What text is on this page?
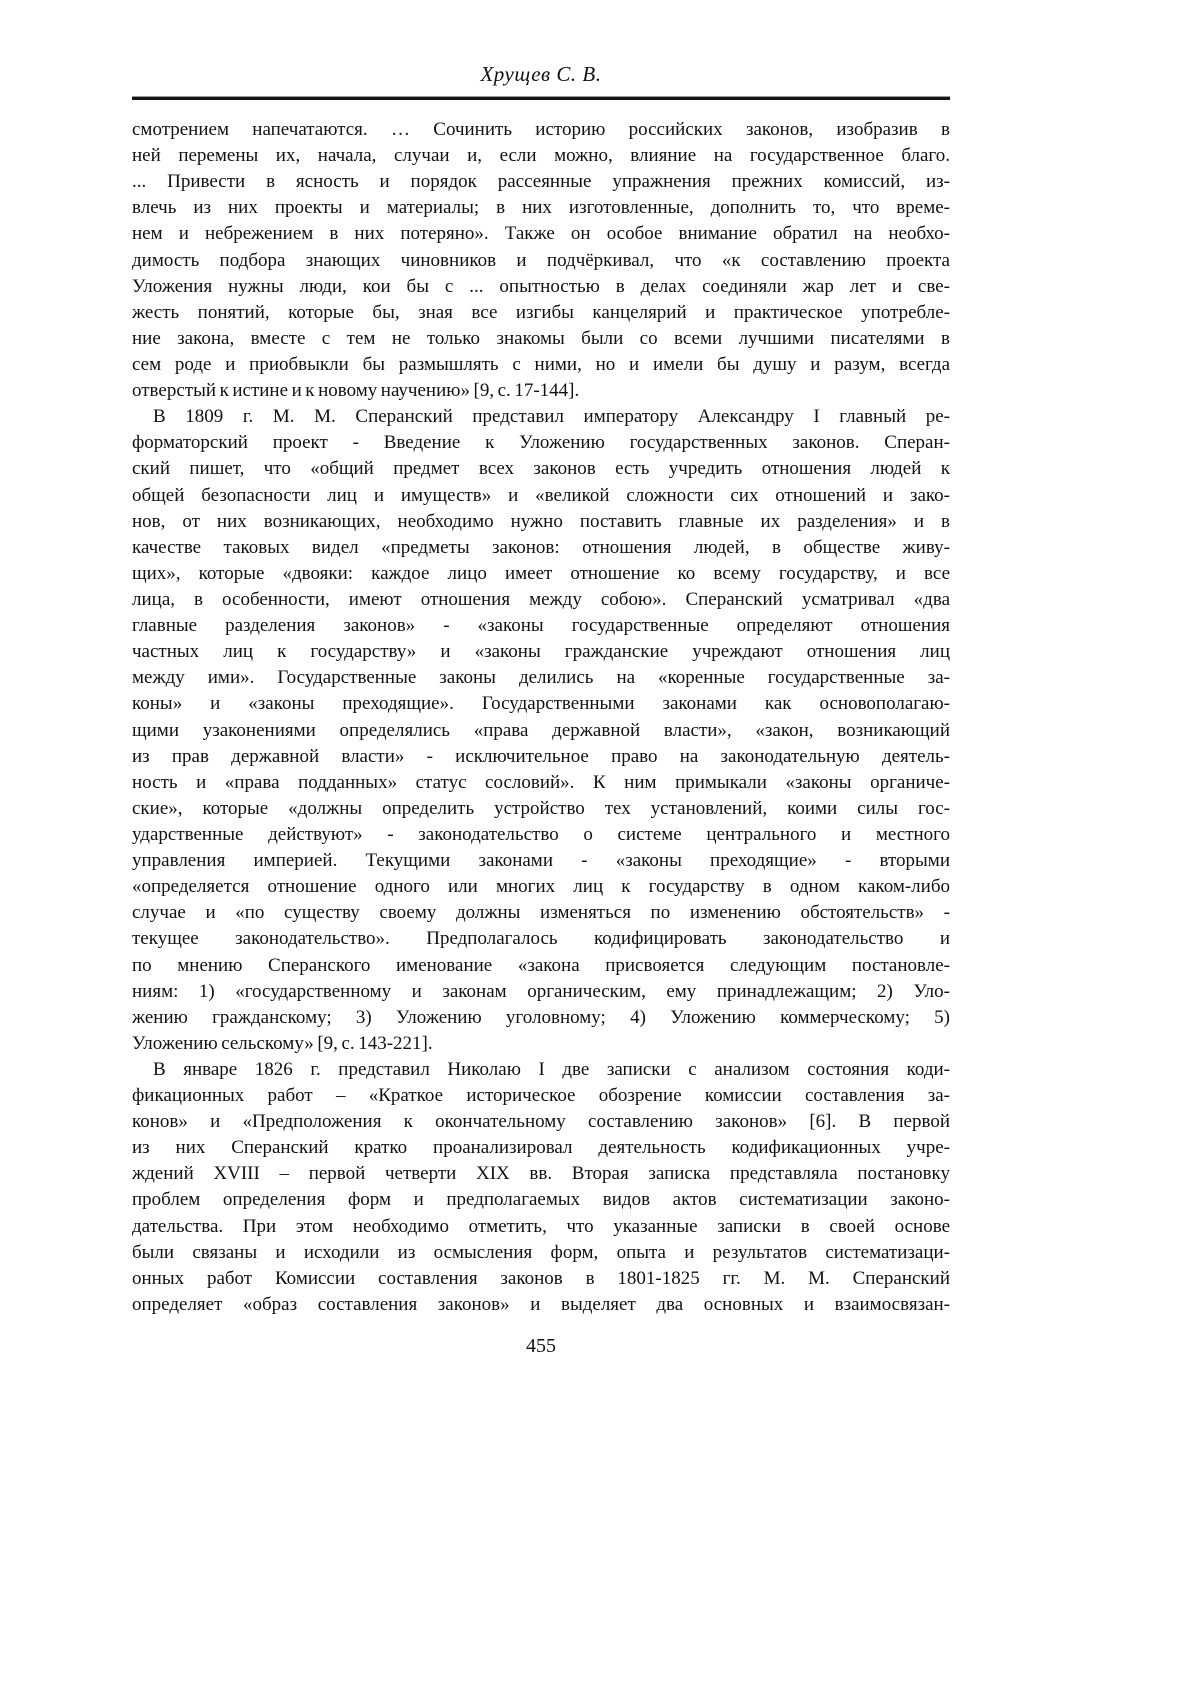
Хрущев С. В.
смотрением напечатаются. … Сочинить историю российских законов, изобразив в
ней перемены их, начала, случаи и, если можно, влияние на государственное благо.
... Привести в ясность и порядок рассеянные упражнения прежних комиссий, из-
влечь из них проекты и материалы; в них изготовленные, дополнить то, что време-
нем и небрежением в них потеряно». Также он особое внимание обратил на необхо-
димость подбора знающих чиновников и подчёркивал, что «к составлению проекта
Уложения нужны люди, кои бы с ... опытностью в делах соединяли жар лет и све-
жесть понятий, которые бы, зная все изгибы канцелярий и практическое употребле-
ние закона, вместе с тем не только знакомы были со всеми лучшими писателями в
сем роде и приобвыкли бы размышлять с ними, но и имели бы душу и разум, всегда
отверстый к истине и к новому научению» [9, с. 17-144].
В 1809 г. М. М. Сперанский представил императору Александру I главный ре-
форматорский проект - Введение к Уложению государственных законов. Сперан-
ский пишет, что «общий предмет всех законов есть учредить отношения людей к
общей безопасности лиц и имуществ» и «великой сложности сих отношений и зако-
нов, от них возникающих, необходимо нужно поставить главные их разделения» и в
качестве таковых видел «предметы законов: отношения людей, в обществе живу-
щих», которые «двояки: каждое лицо имеет отношение ко всему государству, и все
лица, в особенности, имеют отношения между собою». Сперанский усматривал «два
главные разделения законов» - «законы государственные определяют отношения
частных лиц к государству» и «законы гражданские учреждают отношения лиц
между ими». Государственные законы делились на «коренные государственные за-
коны» и «законы преходящие». Государственными законами как основополагаю-
щими узаконениями определялись «права державной власти», «закон, возникающий
из прав державной власти» - исключительное право на законодательную деятель-
ность и «права подданных» статус сословий». К ним примыкали «законы органиче-
ские», которые «должны определить устройство тех установлений, коими силы гос-
ударственные действуют» - законодательство о системе центрального и местного
управления империей. Текущими законами - «законы преходящие» - вторыми
«определяется отношение одного или многих лиц к государству в одном каком-либо
случае и «по существу своему должны изменяться по изменению обстоятельств» -
текущее законодательство». Предполагалось кодифицировать законодательство и
по мнению Сперанского именование «закона присвояется следующим постановле-
ниям: 1) «государственному и законам органическим, ему принадлежащим; 2) Уло-
жению гражданскому; 3) Уложению уголовному; 4) Уложению коммерческому; 5)
Уложению сельскому» [9, с. 143-221].
В январе 1826 г. представил Николаю I две записки с анализом состояния коди-
фикационных работ – «Краткое историческое обозрение комиссии составления за-
конов» и «Предположения к окончательному составлению законов» [6]. В первой
из них Сперанский кратко проанализировал деятельность кодификационных учре-
ждений XVIII – первой четверти XIX вв. Вторая записка представляла постановку
проблем определения форм и предполагаемых видов актов систематизации законо-
дательства. При этом необходимо отметить, что указанные записки в своей основе
были связаны и исходили из осмысления форм, опыта и результатов систематизаци-
онных работ Комиссии составления законов в 1801-1825 гг. М. М. Сперанский
определяет «образ составления законов» и выделяет два основных и взаимосвязан-
455
